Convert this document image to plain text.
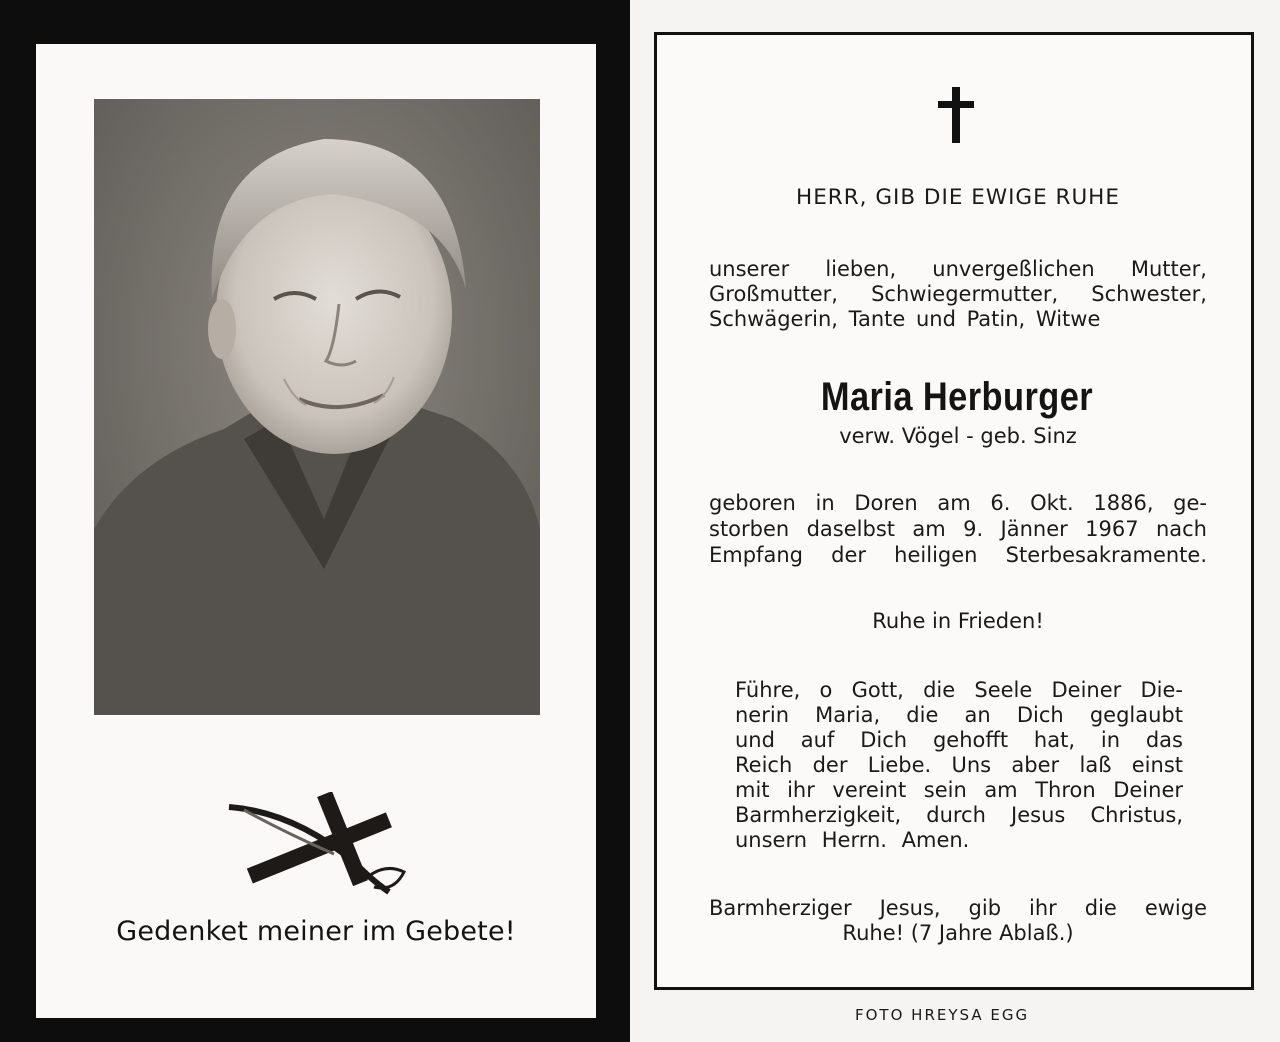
Gedenket meiner im Gebete!

HERR, GIB DIE EWIGE RUHE

unserer lieben, unvergeßlichen Mutter,

Großmutter, Schwiegermutter, Schwester,

Schwägerin, Tante und Patin, Witwe

Maria Herburger

verw. Vögel - geb. Sinz

geboren in Doren am 6. Okt. 1886, ge-

storben daselbst am 9. Jänner 1967 nach

Empfang der heiligen Sterbesakramente.

Ruhe in Frieden!

Führe, o Gott, die Seele Deiner Die-

nerin Maria, die an Dich geglaubt

und auf Dich gehofft hat, in das

Reich der Liebe. Uns aber laß einst

mit ihr vereint sein am Thron Deiner

Barmherzigkeit, durch Jesus Christus,

unsern Herrn. Amen.

Barmherziger Jesus, gib ihr die ewige

Ruhe! (7 Jahre Ablaß.)

FOTO HREYSA EGG
